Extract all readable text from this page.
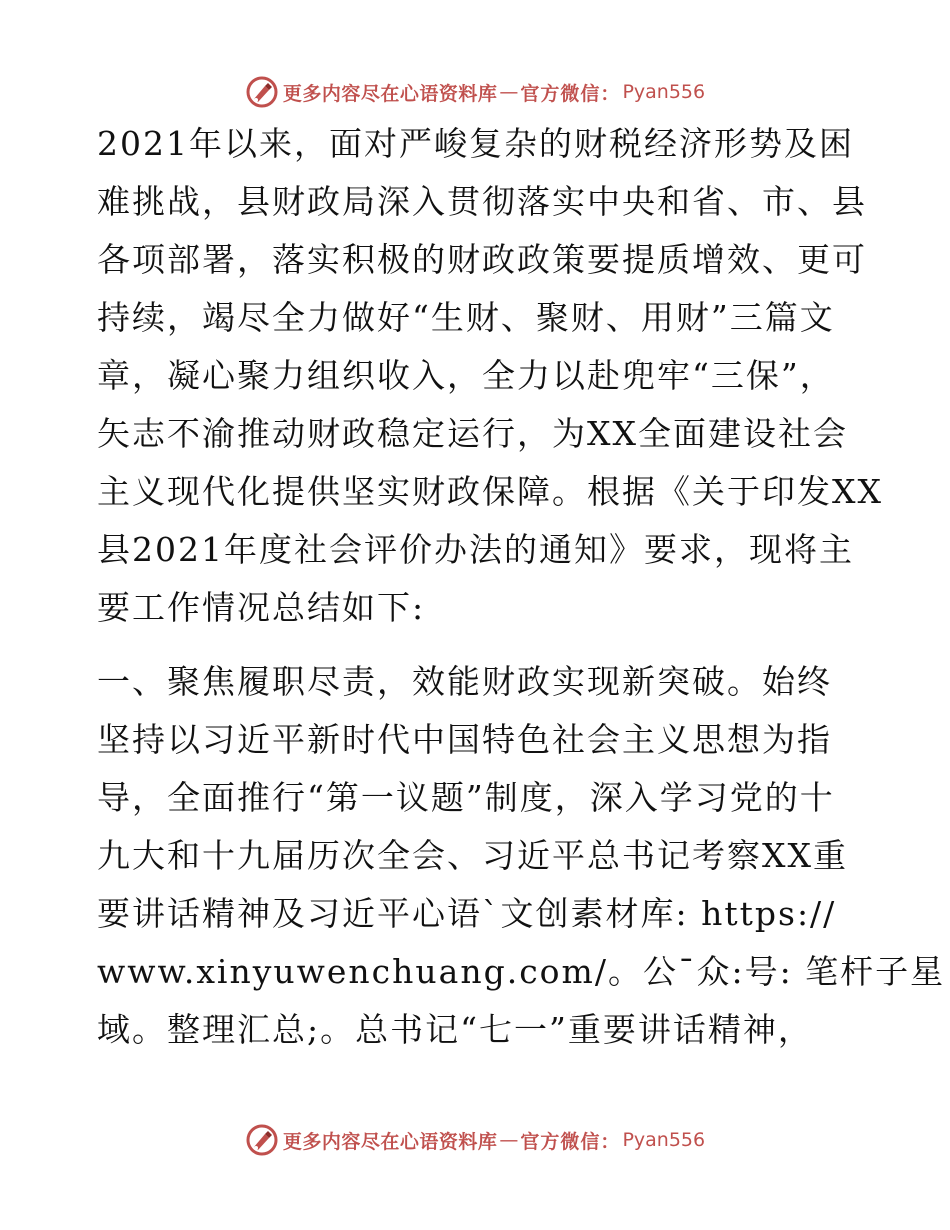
更多内容尽在心语资料库 — 官方微信： Pyan556
2021年以来，面对严峻复杂的财税经济形势及困
难挑战，县财政局深入贯彻落实中央和省、市、县
各项部署，落实积极的财政政策要提质增效、更可
持续，竭尽全力做好“生财、聚财、用财”三篇文
章，凝心聚力组织收入，全力以赴兜牢“三保”，
矢志不渝推动财政稳定运行，为XX全面建设社会
主义现代化提供坚实财政保障。根据《关于印发XX
县2021年度社会评价办法的通知》要求，现将主
要工作情况总结如下:
一、聚焦履职尽责，效能财政实现新突破。始终
坚持以习近平新时代中国特色社会主义思想为指
导，全面推行“第一议题”制度，深入学习党的十
九大和十九届历次全会、习近平总书记考察XX重
要讲话精神及习近平心语`文创素材库: https://
www.xinyuwenchuang.com/。公¯众:号: 笔杆子星
域。整理汇总;。总书记“七一”重要讲话精神，
更多内容尽在心语资料库 — 官方微信： Pyan556
